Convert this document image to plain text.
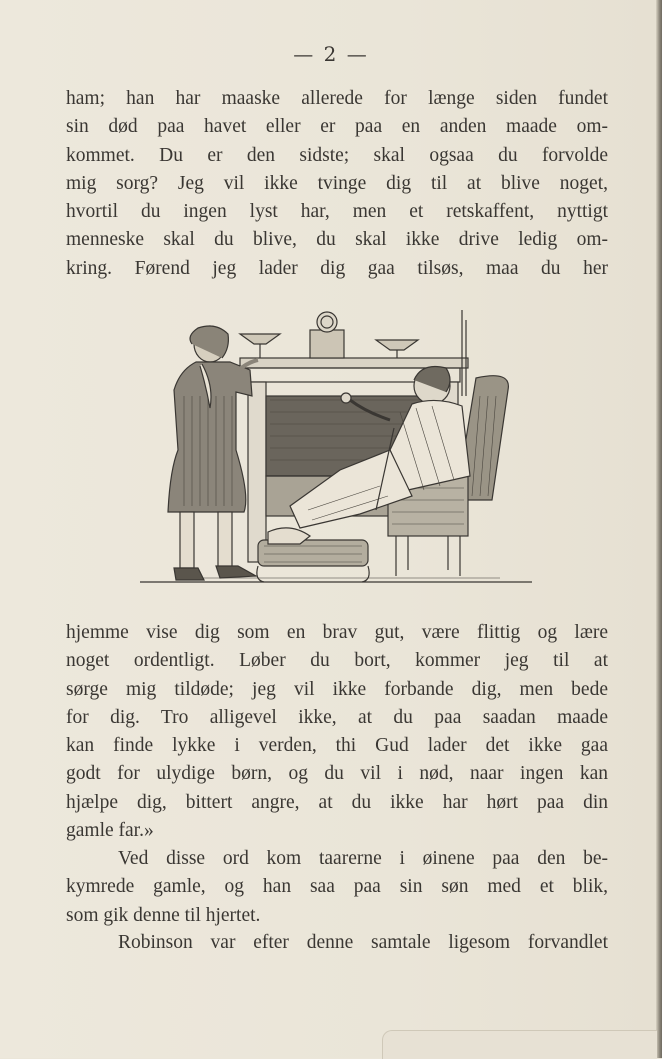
— 2 —
ham; han har maaske allerede for længe siden fundet
sin død paa havet eller er paa en anden maade om-
kommet. Du er den sidste; skal ogsaa du forvolde
mig sorg? Jeg vil ikke tvinge dig til at blive noget,
hvortil du ingen lyst har, men et retskaffent, nyttigt
menneske skal du blive, du skal ikke drive ledig om-
kring. Førend jeg lader dig gaa tilsøs, maa du her
hjemme vise dig som en brav gut, være flittig og lære
noget ordentligt. Løber du bort, kommer jeg til at
sørge mig tildøde; jeg vil ikke forbande dig, men bede
for dig. Tro alligevel ikke, at du paa saadan maade
kan finde lykke i verden, thi Gud lader det ikke gaa
godt for ulydige børn, og du vil i nød, naar ingen kan
hjælpe dig, bittert angre, at du ikke har hørt paa din
gamle far.»
Ved disse ord kom taarerne i øinene paa den be-
kymrede gamle, og han saa paa sin søn med et blik,
som gik denne til hjertet.
Robinson var efter denne samtale ligesom forvandlet
